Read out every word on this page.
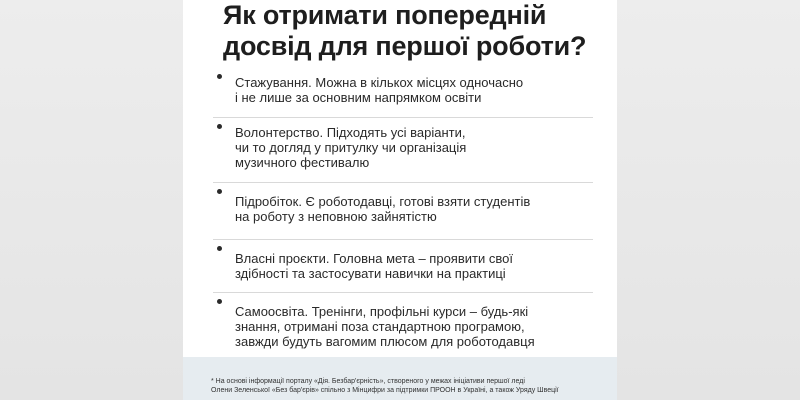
Як отримати попередній
досвід для першої роботи?
Стажування. Можна в кількох місцях одночасно
і не лише за основним напрямком освіти
Волонтерство. Підходять усі варіанти,
чи то догляд у притулку чи організація
музичного фестивалю
Підробіток. Є роботодавці, готові взяти студентів
на роботу з неповною зайнятістю
Власні проєкти. Головна мета – проявити свої
здібності та застосувати навички на практиці
Самоосвіта. Тренінги, профільні курси – будь-які
знання, отримані поза стандартною програмою,
завжди будуть вагомим плюсом для роботодавця
* На основі інформації порталу «Дія. Безбар'єрність», створеного у межах ініціативи першої леді
Олени Зеленської «Без бар'єрів» спільно з Мінцифри за підтримки ПРООН в Україні, а також Уряду Швеції
